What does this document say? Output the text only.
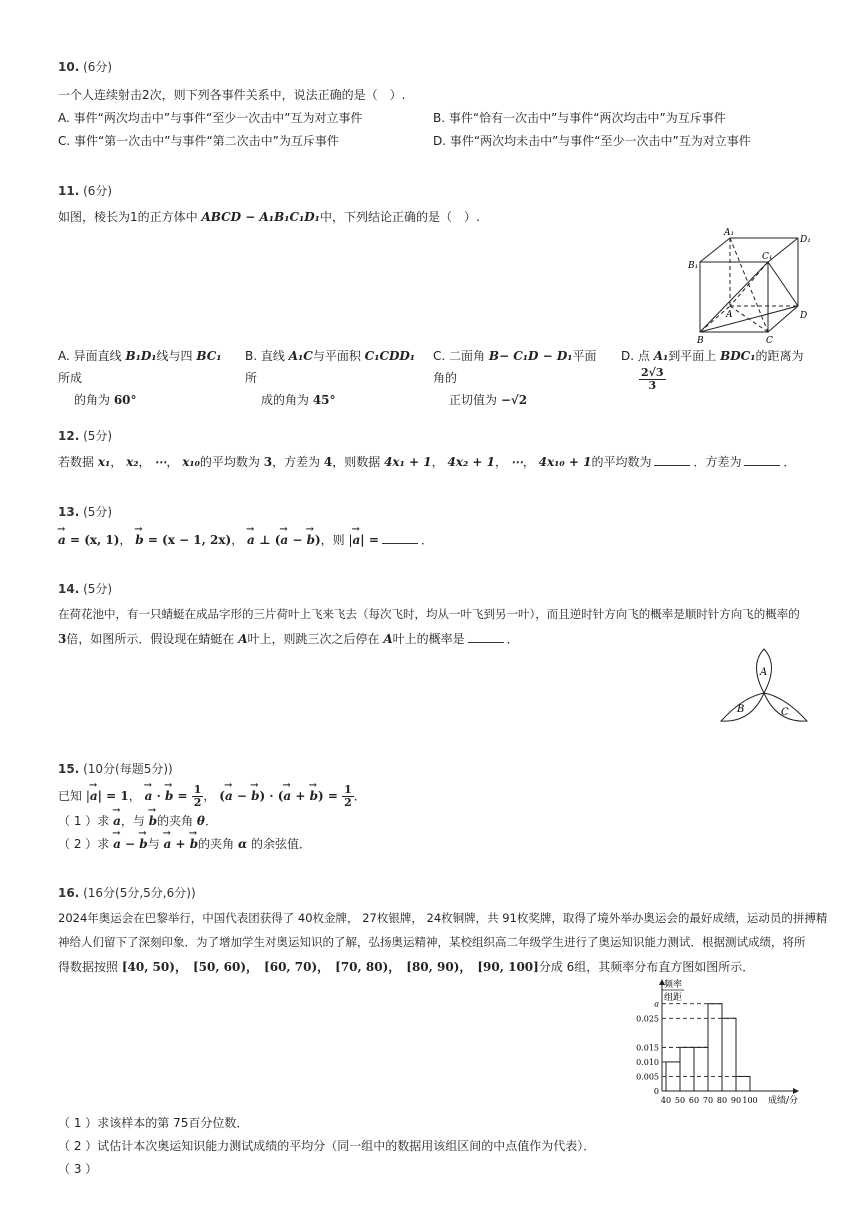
10. (6分)
一个人连续射击2次，则下列各事件关系中，说法正确的是（　）.
A. 事件“两次均击中”与事件“至少一次击中”互为对立事件	B. 事件“恰有一次击中”与事件“两次均击中”为互斥事件
C. 事件“第一次击中”与事件“第二次击中”为互斥事件	D. 事件“两次均未击中”与事件“至少一次击中”互为对立事件
11. (6分)
如图，棱长为1的正方体中 ABCD − A₁B₁C₁D₁中，下列结论正确的是（　）.
A₁
D₁
B₁
C₁
A	D
B	C
A. 异面直线 B₁D₁线与四 BC₁所成
的角为 60°
B. 直线 A₁C与平面积 C₁CDD₁所
成的角为 45°
C. 二面角 B− C₁D − D₁平面角的
正切值为 −√2
D. 点 A₁到平面上 BDC₁的距离为

$\frac{2√3}{3}$
12. (5分)
若数据 x₁， x₂， ⋯， x₁₀的平均数为 3，方差为 4，则数据 4x₁ + 1， 4x₂ + 1， ⋯， 4x₁₀ + 1的平均数为	．方差为	．
13. (5分)
→ a = (x, 1)， → b = (x − 1, 2x)， → a ⊥ (→ a − → b)，则 |→ a| =	．
14. (5分)
在荷花池中，有一只蜻蜓在成品字形的三片荷叶上飞来飞去（每次飞时，均从一叶飞到另一叶），而且逆时针方向飞的概率是顺时针方向飞的概率的
3倍，如图所示．假设现在蜻蜓在 A叶上，则跳三次之后停在 A叶上的概率是	．
A
B	C
15. (10分(每题5分))
已知 |→ a| = 1， → a · → $b = \frac{1}{2}$ ， (→ a − → b) · (→ a + → $b) = \frac{1}{2}$ ．
（ 1 ）求 → a，与 → b的夹角 θ．
（ 2 ）求 → a − → b与 → a + → b的夹角 α 的余弦值．
16. (16分(5分,5分,6分))
2024年奥运会在巴黎举行，中国代表团获得了 40枚金牌， 27枚银牌， 24枚铜牌，共 91枚奖牌，取得了境外举办奥运会的最好成绩，运动员的拼搏精
神给人们留下了深刻印象．为了增加学生对奥运知识的了解，弘扬奥运精神，某校组织高二年级学生进行了奥运知识能力测试．根据测试成绩，将所
得数据按照 [40, 50)，　[50, 60)，　[60, 70)，　[70, 80)，　[80, 90)，　[90, 100]分成 6组，其频率分布直方图如图所示．
频率
组距
成绩/分
a
0.025
0.015
0.010
0.005
0
40 50 60 70 80 90 100
（ 1 ）求该样本的第 75百分位数．
（ 2 ）试估计本次奥运知识能力测试成绩的平均分（同一组中的数据用该组区间的中点值作为代表）．
（ 3 ）
